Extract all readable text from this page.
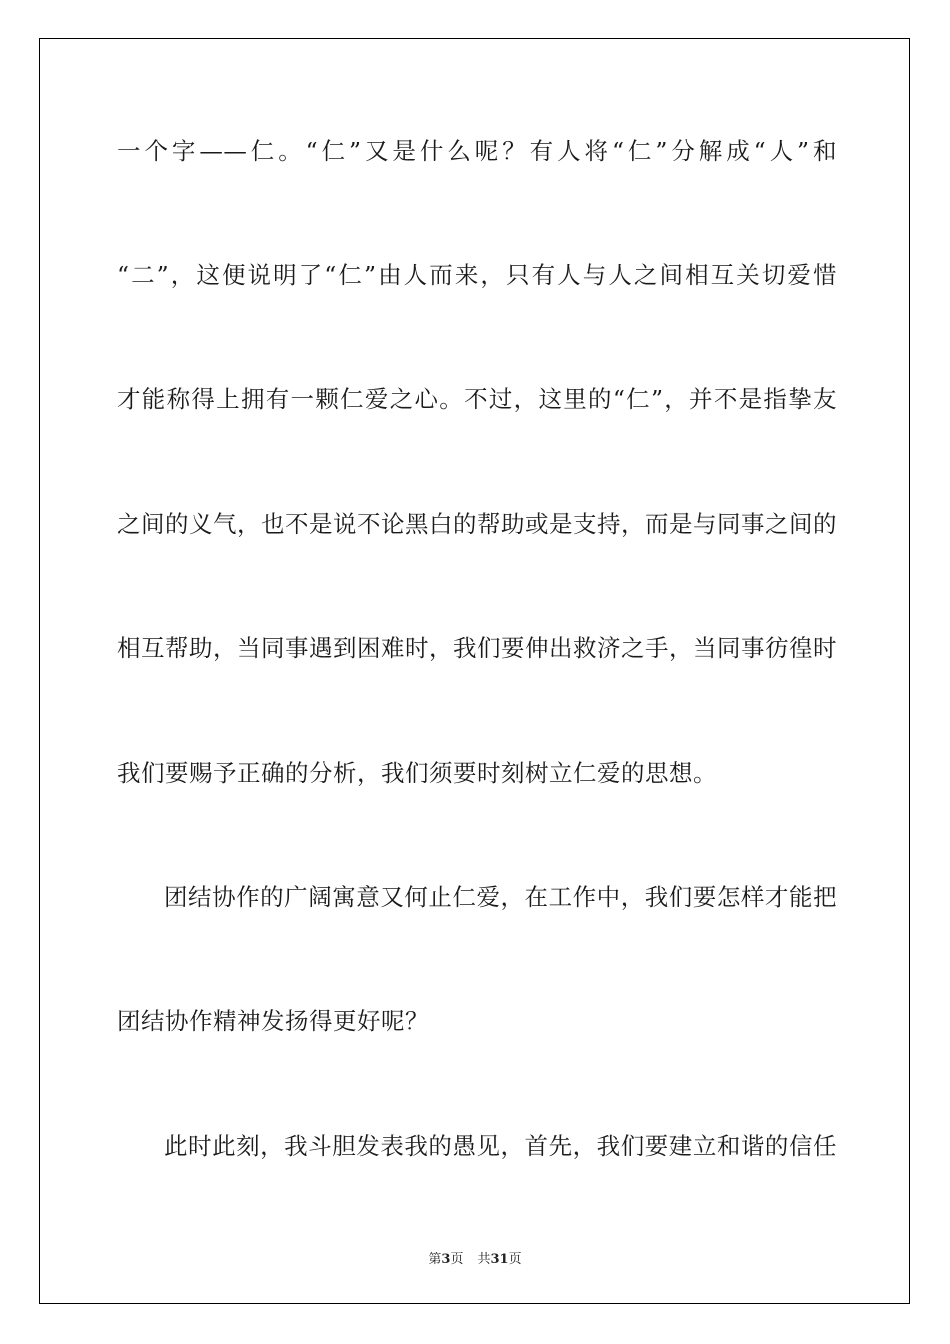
一个字——仁。“仁”又是什么呢？有人将“仁”分解成“人”和
“二”，这便说明了“仁”由人而来，只有人与人之间相互关切爱惜
才能称得上拥有一颗仁爱之心。不过，这里的“仁”，并不是指挚友
之间的义气，也不是说不论黑白的帮助或是支持，而是与同事之间的
相互帮助，当同事遇到困难时，我们要伸出救济之手，当同事彷徨时
我们要赐予正确的分析，我们须要时刻树立仁爱的思想。
团结协作的广阔寓意又何止仁爱，在工作中，我们要怎样才能把
团结协作精神发扬得更好呢？
此时此刻，我斗胆发表我的愚见，首先，我们要建立和谐的信任
第3页 共31页
